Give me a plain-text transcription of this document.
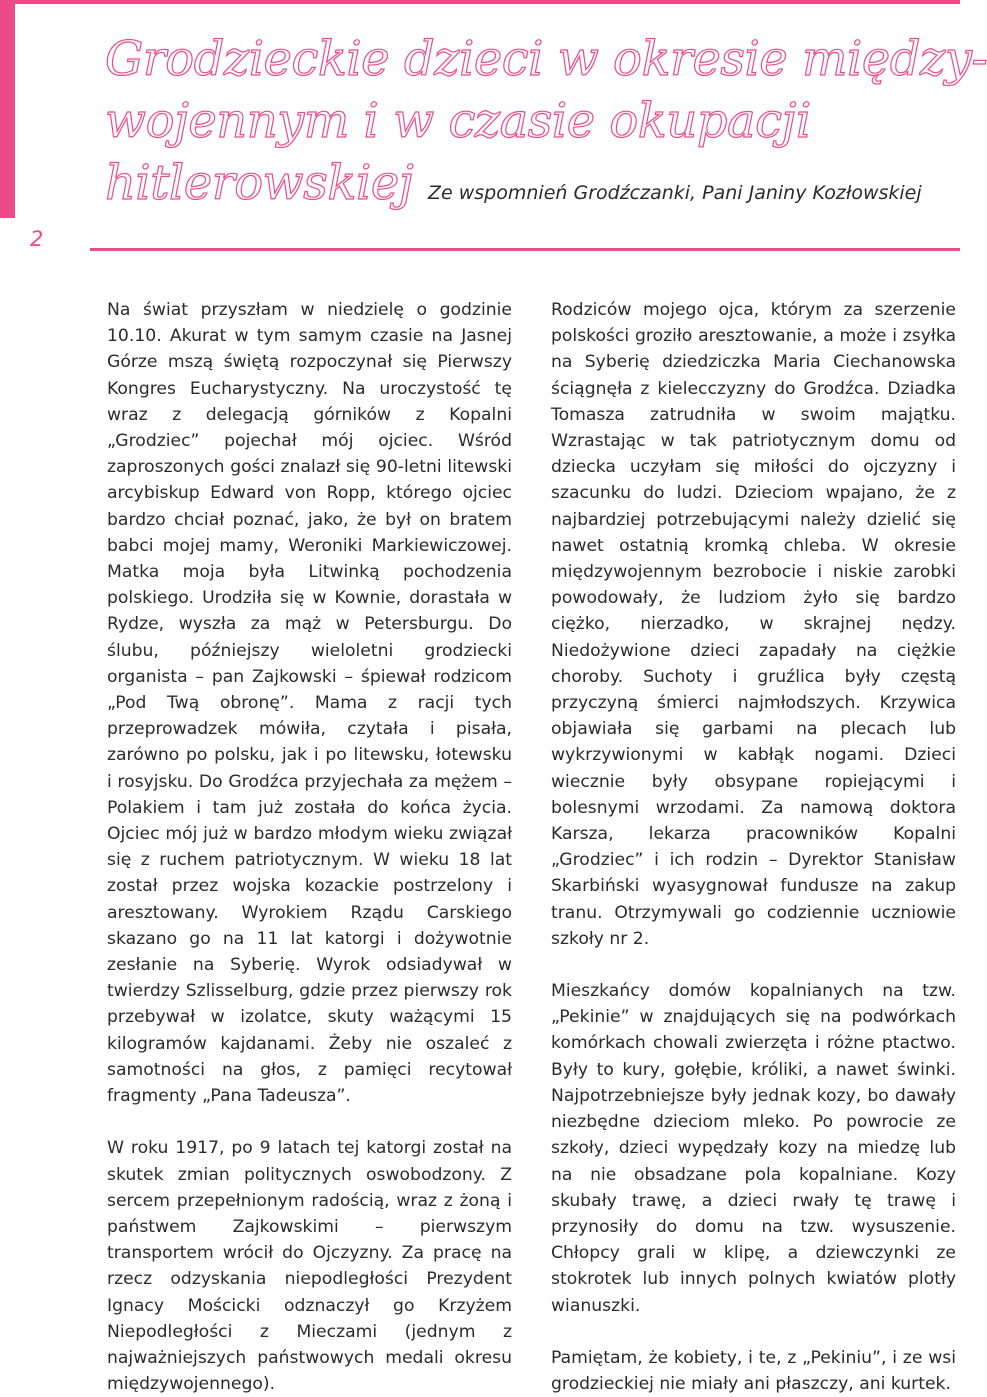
2
Grodzieckie dzieci w okresie między-
wojennym i w czasie okupacji
hitlerowskiej Ze wspomnień Grodźczanki, Pani Janiny Kozłowskiej

Na świat przyszłam w niedzielę o godzinie 10.10. Akurat w tym samym czasie na Jasnej Górze mszą świętą rozpoczynał się Pierwszy Kongres Eucharystyczny. Na uroczystość tę wraz z delegacją górników z Kopalni „Grodziec” pojechał mój ojciec. Wśród zaproszonych gości znalazł się 90-letni litewski arcybiskup Edward von Ropp, którego ojciec bardzo chciał poznać, jako, że był on bratem babci mojej mamy, Weroniki Markiewiczowej. Matka moja była Litwinką pochodzenia polskiego. Urodziła się w Kownie, dorastała w Rydze, wyszła za mąż w Petersburgu. Do ślubu, późniejszy wieloletni grodziecki organista – pan Zajkowski – śpiewał rodzicom „Pod Twą obronę”. Mama z racji tych przeprowadzek mówiła, czytała i pisała, zarówno po polsku, jak i po litewsku, łotewsku i rosyjsku. Do Grodźca przyjechała za mężem – Polakiem i tam już została do końca życia. Ojciec mój już w bardzo młodym wieku związał się z ruchem patriotycznym. W wieku 18 lat został przez wojska kozackie postrzelony i aresztowany. Wyrokiem Rządu Carskiego skazano go na 11 lat katorgi i dożywotnie zesłanie na Syberię. Wyrok odsiadywał w twierdzy Szlisselburg, gdzie przez pierwszy rok przebywał w izolatce, skuty ważącymi 15 kilogramów kajdanami. Żeby nie oszaleć z samotności na głos, z pamięci recytował fragmenty „Pana Tadeusza”.

W roku 1917, po 9 latach tej katorgi został na skutek zmian politycznych oswobodzony. Z sercem przepełnionym radością, wraz z żoną i państwem Zajkowskimi – pierwszym transportem wrócił do Ojczyzny. Za pracę na rzecz odzyskania niepodległości Prezydent Ignacy Mościcki odznaczył go Krzyżem Niepodległości z Mieczami (jednym z najważniejszych państwowych medali okresu międzywojennego).

Rodziców mojego ojca, którym za szerzenie polskości groziło aresztowanie, a może i zsyłka na Syberię dziedziczka Maria Ciechanowska ściągnęła z kielecczyzny do Grodźca. Dziadka Tomasza zatrudniła w swoim majątku. Wzrastając w tak patriotycznym domu od dziecka uczyłam się miłości do ojczyzny i szacunku do ludzi. Dzieciom wpajano, że z najbardziej potrzebującymi należy dzielić się nawet ostatnią kromką chleba. W okresie międzywojennym bezrobocie i niskie zarobki powodowały, że ludziom żyło się bardzo ciężko, nierzadko, w skrajnej nędzy. Niedożywione dzieci zapadały na ciężkie choroby. Suchoty i gruźlica były częstą przyczyną śmierci najmłodszych. Krzywica objawiała się garbami na plecach lub wykrzywionymi w kabłąk nogami. Dzieci wiecznie były obsypane ropiejącymi i bolesnymi wrzodami. Za namową doktora Karsza, lekarza pracowników Kopalni „Grodziec” i ich rodzin – Dyrektor Stanisław Skarbiński wyasygnował fundusze na zakup tranu. Otrzymywali go codziennie uczniowie szkoły nr 2.

Mieszkańcy domów kopalnianych na tzw. „Pekinie” w znajdujących się na podwórkach komórkach chowali zwierzęta i różne ptactwo. Były to kury, gołębie, króliki, a nawet świnki. Najpotrzebniejsze były jednak kozy, bo dawały niezbędne dzieciom mleko. Po powrocie ze szkoły, dzieci wypędzały kozy na miedzę lub na nie obsadzane pola kopalniane. Kozy skubały trawę, a dzieci rwały tę trawę i przynosiły do domu na tzw. wysuszenie. Chłopcy grali w klipę, a dziewczynki ze stokrotek lub innych polnych kwiatów plotły wianuszki.

Pamiętam, że kobiety, i te, z „Pekiniu”, i ze wsi grodzieckiej nie miały ani płaszczy, ani kurtek.
